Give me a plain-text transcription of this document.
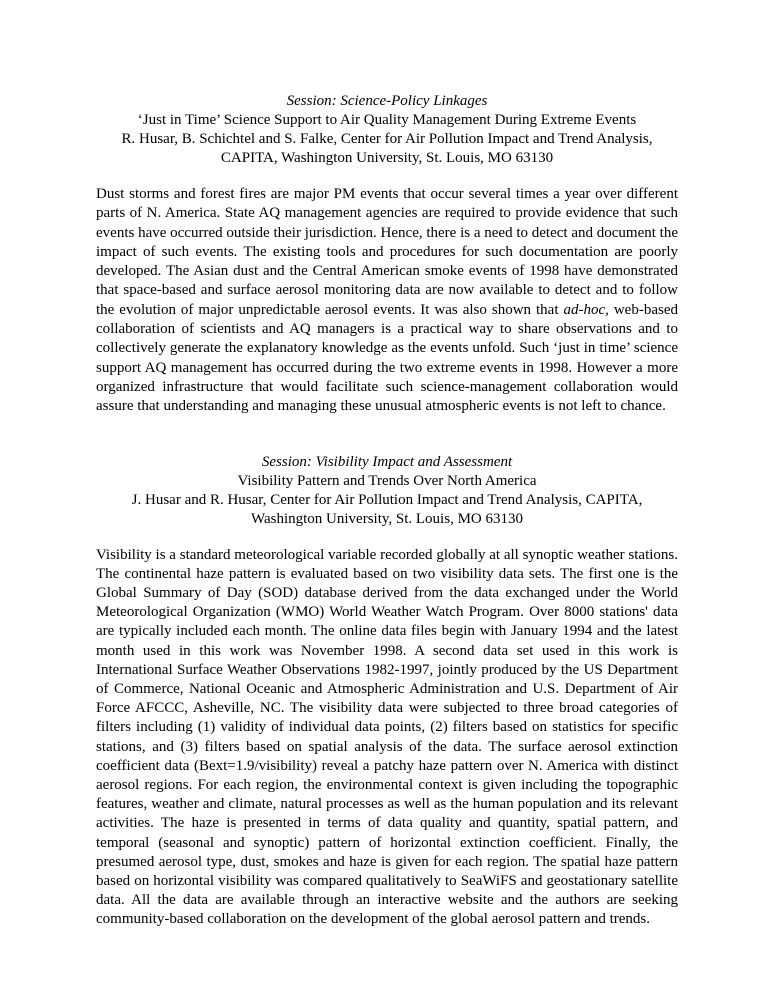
Session: Science-Policy Linkages
‘Just in Time’ Science Support to Air Quality Management During Extreme Events
R. Husar, B. Schichtel and S. Falke, Center for Air Pollution Impact and Trend Analysis,
CAPITA, Washington University, St. Louis, MO 63130

Dust storms and forest fires are major PM events that occur several times a year over different parts of N. America. State AQ management agencies are required to provide evidence that such events have occurred outside their jurisdiction. Hence, there is a need to detect and document the impact of such events. The existing tools and procedures for such documentation are poorly developed. The Asian dust and the Central American smoke events of 1998 have demonstrated that space-based and surface aerosol monitoring data are now available to detect and to follow the evolution of major unpredictable aerosol events. It was also shown that ad-hoc, web-based collaboration of scientists and AQ managers is a practical way to share observations and to collectively generate the explanatory knowledge as the events unfold. Such ‘just in time’ science support AQ management has occurred during the two extreme events in 1998. However a more organized infrastructure that would facilitate such science-management collaboration would assure that understanding and managing these unusual atmospheric events is not left to chance.

Session: Visibility Impact and Assessment
Visibility Pattern and Trends Over North America
J. Husar and R. Husar, Center for Air Pollution Impact and Trend Analysis, CAPITA,
Washington University, St. Louis, MO 63130

Visibility is a standard meteorological variable recorded globally at all synoptic weather stations. The continental haze pattern is evaluated based on two visibility data sets. The first one is the Global Summary of Day (SOD) database derived from the data exchanged under the World Meteorological Organization (WMO) World Weather Watch Program. Over 8000 stations' data are typically included each month. The online data files begin with January 1994 and the latest month used in this work was November 1998. A second data set used in this work is International Surface Weather Observations 1982-1997, jointly produced by the US Department of Commerce, National Oceanic and Atmospheric Administration and U.S. Department of Air Force AFCCC, Asheville, NC. The visibility data were subjected to three broad categories of filters including (1) validity of individual data points, (2) filters based on statistics for specific stations, and (3) filters based on spatial analysis of the data. The surface aerosol extinction coefficient data (Bext=1.9/visibility) reveal a patchy haze pattern over N. America with distinct aerosol regions. For each region, the environmental context is given including the topographic features, weather and climate, natural processes as well as the human population and its relevant activities. The haze is presented in terms of data quality and quantity, spatial pattern, and temporal (seasonal and synoptic) pattern of horizontal extinction coefficient. Finally, the presumed aerosol type, dust, smokes and haze is given for each region. The spatial haze pattern based on horizontal visibility was compared qualitatively to SeaWiFS and geostationary satellite data. All the data are available through an interactive website and the authors are seeking community-based collaboration on the development of the global aerosol pattern and trends.
